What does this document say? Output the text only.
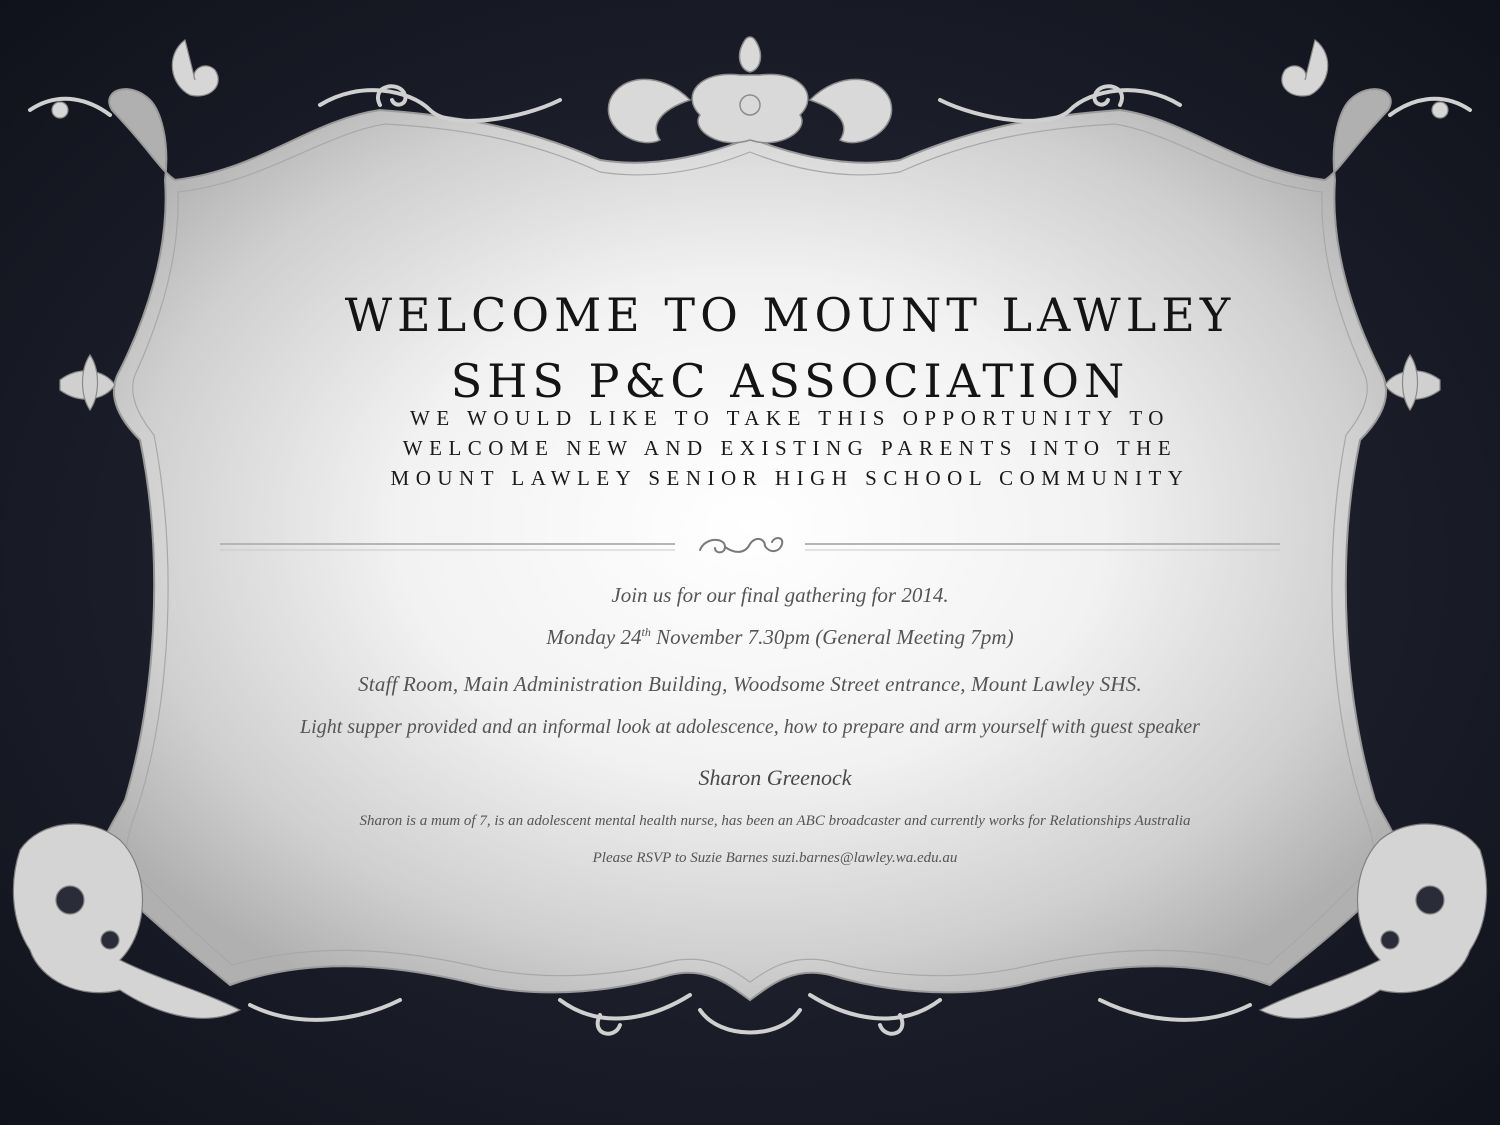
WELCOME TO MOUNT LAWLEY
SHS P&C ASSOCIATION
WE WOULD LIKE TO TAKE THIS OPPORTUNITY TO
WELCOME NEW AND EXISTING PARENTS INTO THE
MOUNT LAWLEY SENIOR HIGH SCHOOL COMMUNITY
Join us for our final gathering for 2014.
Monday 24th November 7.30pm (General Meeting 7pm)
Staff Room, Main Administration Building, Woodsome Street entrance, Mount Lawley SHS.
Light supper provided and an informal look at adolescence, how to prepare and arm yourself with guest speaker
Sharon Greenock
Sharon is a mum of 7, is an adolescent mental health nurse, has been an ABC broadcaster and currently works for Relationships Australia
Please RSVP to Suzie Barnes suzi.barnes@lawley.wa.edu.au
